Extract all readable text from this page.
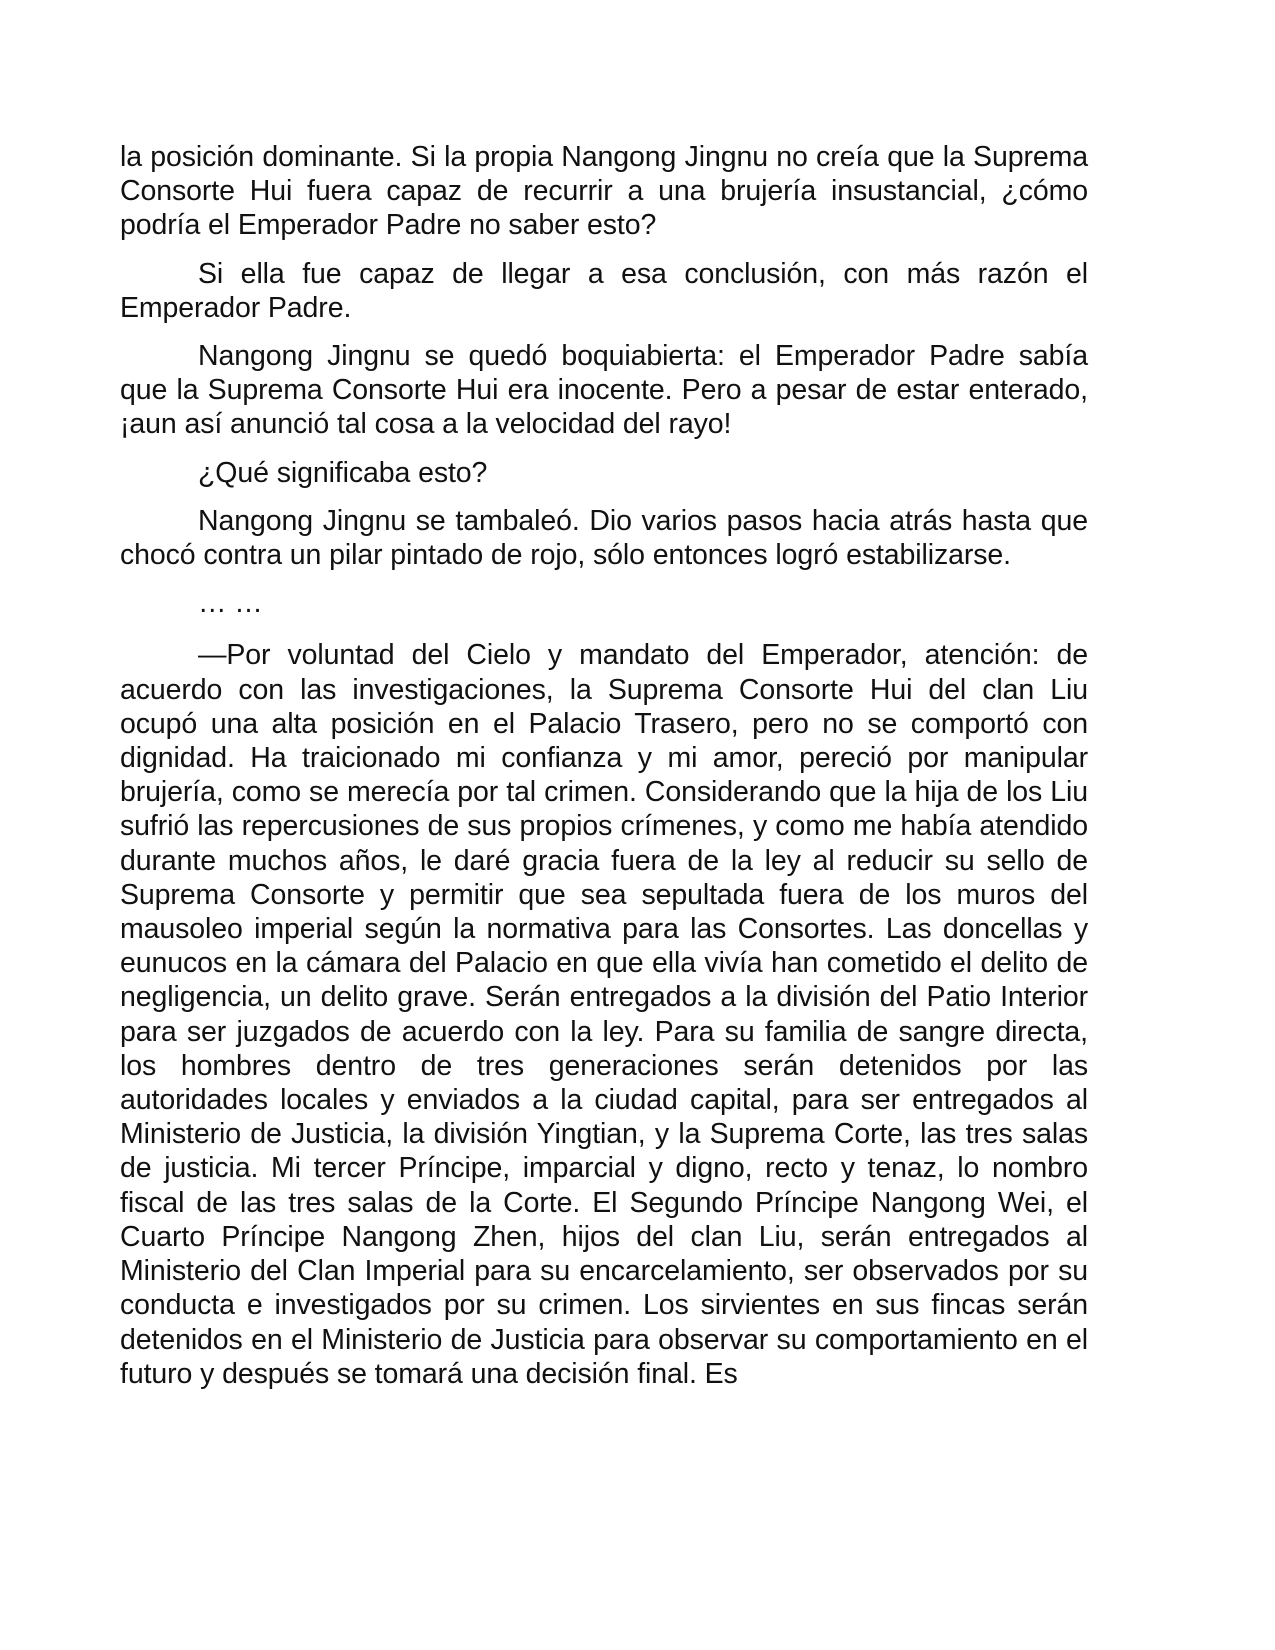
la posición dominante. Si la propia Nangong Jingnu no creía que la Suprema Consorte Hui fuera capaz de recurrir a una brujería insustancial, ¿cómo podría el Emperador Padre no saber esto?

Si ella fue capaz de llegar a esa conclusión, con más razón el Emperador Padre.

Nangong Jingnu se quedó boquiabierta: el Emperador Padre sabía que la Suprema Consorte Hui era inocente. Pero a pesar de estar enterado, ¡aun así anunció tal cosa a la velocidad del rayo!

¿Qué significaba esto?

Nangong Jingnu se tambaleó. Dio varios pasos hacia atrás hasta que chocó contra un pilar pintado de rojo, sólo entonces logró estabilizarse.

… …

—Por voluntad del Cielo y mandato del Emperador, atención: de acuerdo con las investigaciones, la Suprema Consorte Hui del clan Liu ocupó una alta posición en el Palacio Trasero, pero no se comportó con dignidad. Ha traicionado mi confianza y mi amor, pereció por manipular brujería, como se merecía por tal crimen. Considerando que la hija de los Liu sufrió las repercusiones de sus propios crímenes, y como me había atendido durante muchos años, le daré gracia fuera de la ley al reducir su sello de Suprema Consorte y permitir que sea sepultada fuera de los muros del mausoleo imperial según la normativa para las Consortes. Las doncellas y eunucos en la cámara del Palacio en que ella vivía han cometido el delito de negligencia, un delito grave. Serán entregados a la división del Patio Interior para ser juzgados de acuerdo con la ley. Para su familia de sangre directa, los hombres dentro de tres generaciones serán detenidos por las autoridades locales y enviados a la ciudad capital, para ser entregados al Ministerio de Justicia, la división Yingtian, y la Suprema Corte, las tres salas de justicia. Mi tercer Príncipe, imparcial y digno, recto y tenaz, lo nombro fiscal de las tres salas de la Corte. El Segundo Príncipe Nangong Wei, el Cuarto Príncipe Nangong Zhen, hijos del clan Liu, serán entregados al Ministerio del Clan Imperial para su encarcelamiento, ser observados por su conducta e investigados por su crimen. Los sirvientes en sus fincas serán detenidos en el Ministerio de Justicia para observar su comportamiento en el futuro y después se tomará una decisión final. Es
